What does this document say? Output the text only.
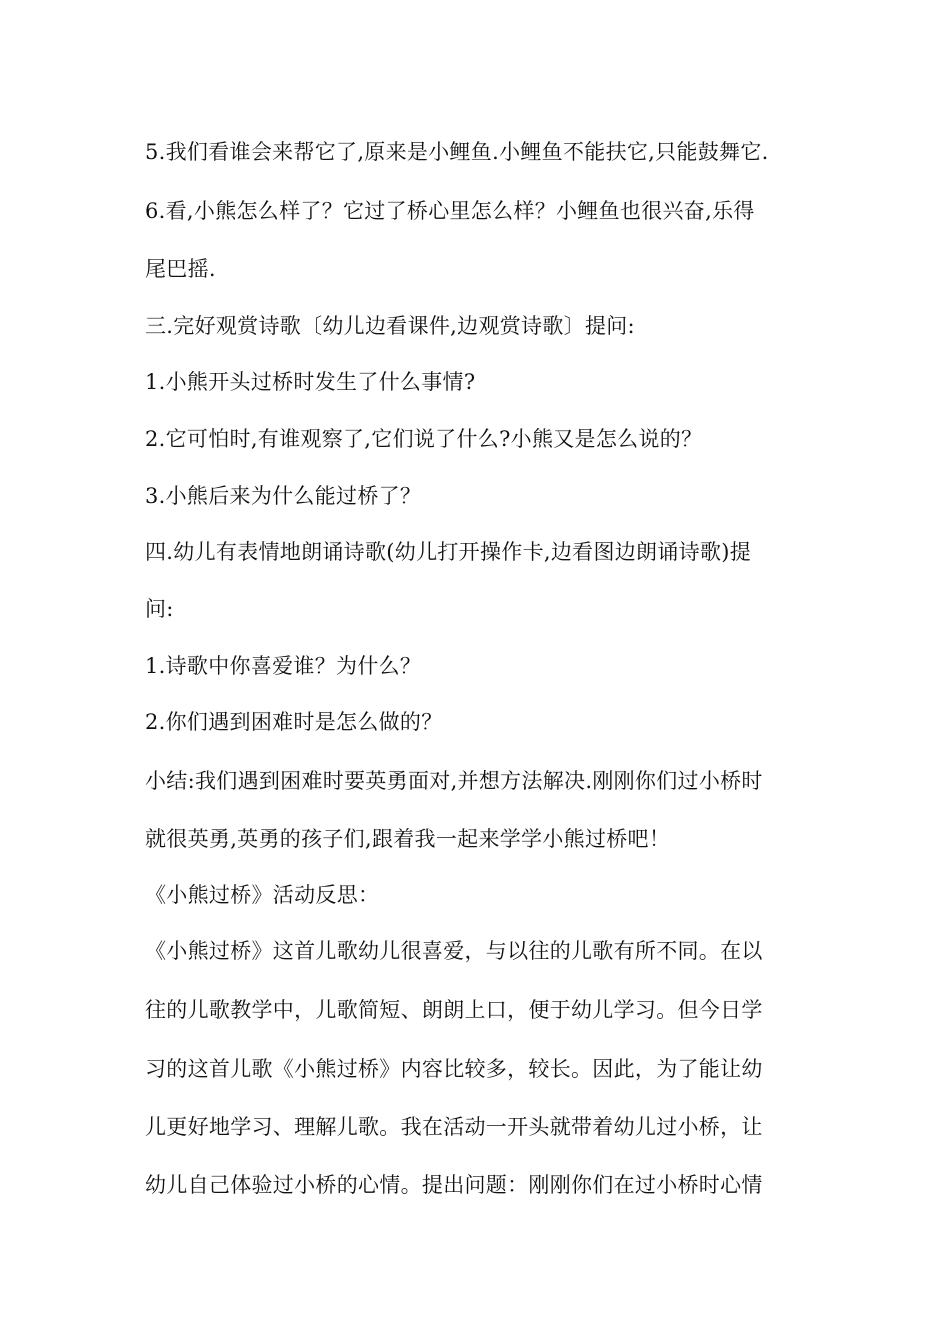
5.我们看谁会来帮它了,原来是小鲤鱼.小鲤鱼不能扶它,只能鼓舞它.
6.看,小熊怎么样了？它过了桥心里怎么样？小鲤鱼也很兴奋,乐得
尾巴摇.
三.完好观赏诗歌〔幼儿边看课件,边观赏诗歌〕提问:
1.小熊开头过桥时发生了什么事情?
2.它可怕时,有谁观察了,它们说了什么?小熊又是怎么说的？
3.小熊后来为什么能过桥了？
四.幼儿有表情地朗诵诗歌(幼儿打开操作卡,边看图边朗诵诗歌)提
问:
1.诗歌中你喜爱谁？为什么？
2.你们遇到困难时是怎么做的？
小结:我们遇到困难时要英勇面对,并想方法解决.刚刚你们过小桥时
就很英勇,英勇的孩子们,跟着我一起来学学小熊过桥吧！
《小熊过桥》活动反思：
《小熊过桥》这首儿歌幼儿很喜爱，与以往的儿歌有所不同。在以
往的儿歌教学中，儿歌简短、朗朗上口，便于幼儿学习。但今日学
习的这首儿歌《小熊过桥》内容比较多，较长。因此，为了能让幼
儿更好地学习、理解儿歌。我在活动一开头就带着幼儿过小桥，让
幼儿自己体验过小桥的心情。提出问题：刚刚你们在过小桥时心情
